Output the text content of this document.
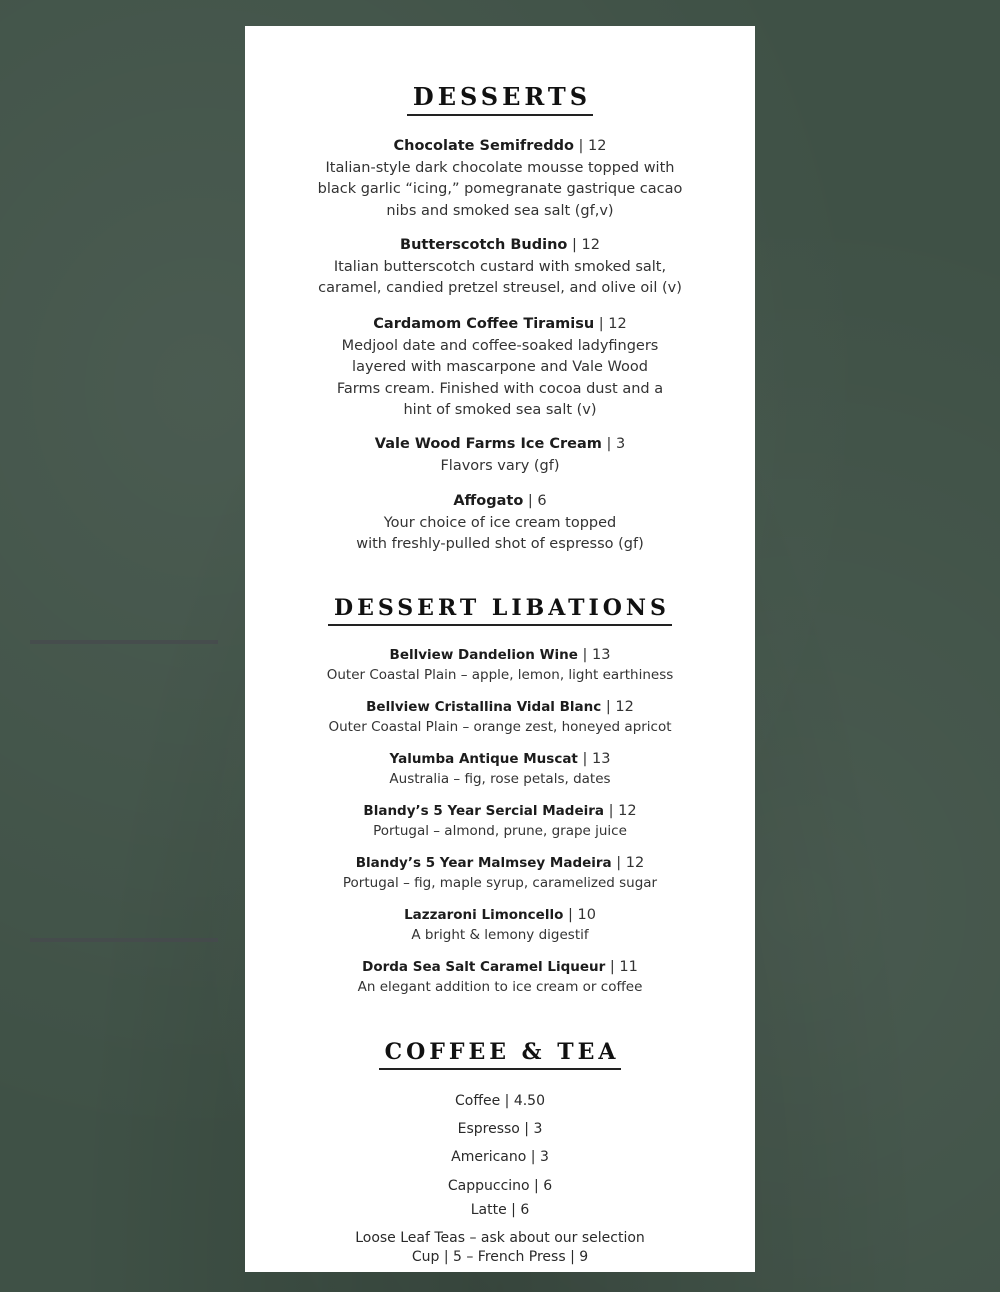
DESSERTS
Chocolate Semifreddo | 12
Italian-style dark chocolate mousse topped with
black garlic “icing,” pomegranate gastrique cacao
nibs and smoked sea salt (gf,v)
Butterscotch Budino | 12
Italian butterscotch custard with smoked salt,
caramel, candied pretzel streusel, and olive oil (v)
Cardamom Coffee Tiramisu | 12
Medjool date and coffee-soaked ladyfingers
layered with mascarpone and Vale Wood
Farms cream. Finished with cocoa dust and a
hint of smoked sea salt (v)
Vale Wood Farms Ice Cream | 3
Flavors vary (gf)
Affogato | 6
Your choice of ice cream topped
with freshly-pulled shot of espresso (gf)
DESSERT LIBATIONS
Bellview Dandelion Wine | 13
Outer Coastal Plain – apple, lemon, light earthiness
Bellview Cristallina Vidal Blanc | 12
Outer Coastal Plain – orange zest, honeyed apricot
Yalumba Antique Muscat | 13
Australia – fig, rose petals, dates
Blandy’s 5 Year Sercial Madeira | 12
Portugal – almond, prune, grape juice
Blandy’s 5 Year Malmsey Madeira | 12
Portugal – fig, maple syrup, caramelized sugar
Lazzaroni Limoncello | 10
A bright & lemony digestif
Dorda Sea Salt Caramel Liqueur | 11
An elegant addition to ice cream or coffee
COFFEE & TEA
Coffee | 4.50
Espresso | 3
Americano | 3
Cappuccino | 6
Latte | 6
Loose Leaf Teas – ask about our selection
Cup | 5 – French Press | 9
